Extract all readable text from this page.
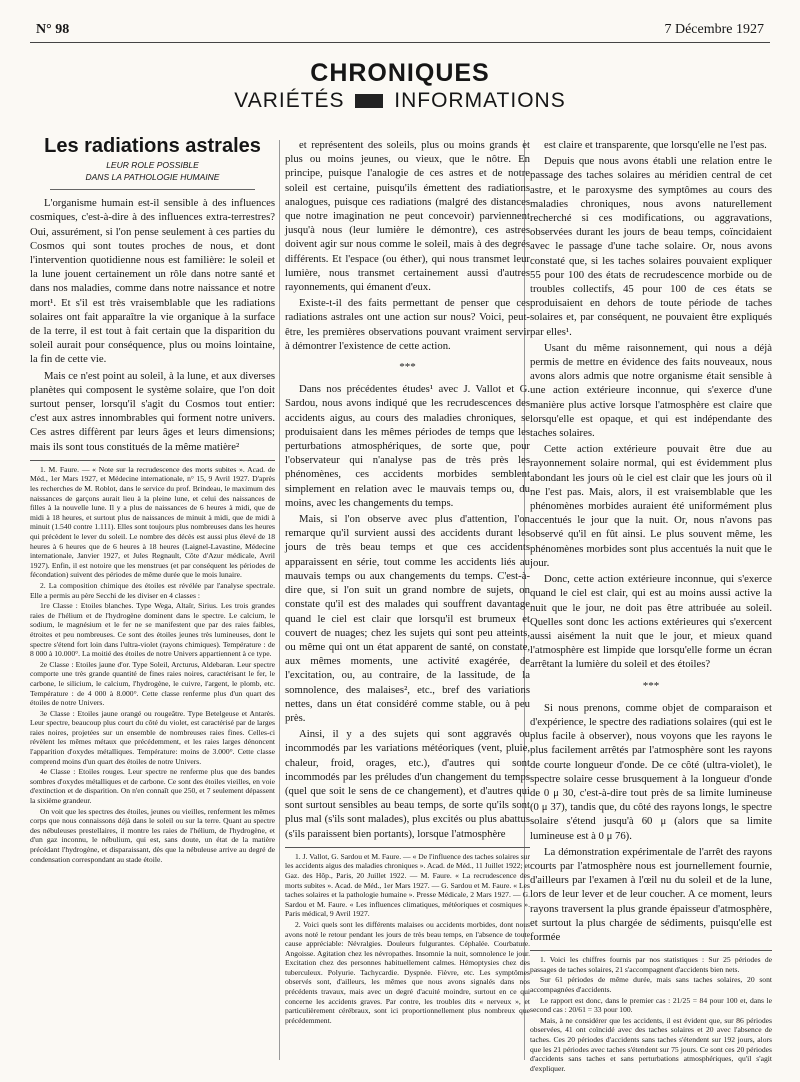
N° 98	7 Décembre 1927
CHRONIQUES
VARIÉTÉS INFORMATIONS
Les radiations astrales
LEUR ROLE POSSIBLE
DANS LA PATHOLOGIE HUMAINE

L'organisme humain est-il sensible à des influences cosmiques, c'est-à-dire à des influences extra-terrestres? Oui, assurément, si l'on pense seulement à ces parties du Cosmos qui sont toutes proches de nous, et dont l'intervention quotidienne nous est familière: le soleil et la lune jouent certainement un rôle dans notre santé et dans nos maladies, comme dans notre naissance et notre mort¹. Et s'il est très vraisemblable que les radiations solaires ont fait apparaître la vie organique à la surface de la terre, il est tout à fait certain que la disparition du soleil aurait pour conséquence, plus ou moins lointaine, la fin de cette vie.

Mais ce n'est point au soleil, à la lune, et aux diverses planètes qui composent le système solaire, que l'on doit surtout penser, lorsqu'il s'agit du Cosmos tout entier: c'est aux astres innombrables qui forment notre univers. Ces astres diffèrent par leurs âges et leurs dimensions; mais ils sont tous constitués de la même matière²

1. M. Faure. — « Note sur la recrudescence des morts subites ». Acad. de Méd., 1er Mars 1927, et Médecine internationale, n° 15, 9 Avril 1927. D'après les recherches de M. Roblot, dans le service du prof. Brindeau, le maximum des naissances de garçons aurait lieu à la pleine lune, et celui des naissances de filles à la nouvelle lune. Il y a plus de naissances de 6 heures à midi, que de midi à 18 heures, et surtout plus de naissances de minuit à midi, que de midi à minuit (1.540 contre 1.111). Elles sont toujours plus nombreuses dans les heures qui précèdent le lever du soleil. Le nombre des décès est aussi plus élevé de 18 heures à 6 heures que de 6 heures à 18 heures (Laignel-Lavastine, Médecine internationale, Janvier 1927, et Jules Regnault, Côte d'Azur médicale, Avril 1927). Enfin, il est notoire que les menstrues (et par conséquent les périodes de fécondation) suivent des périodes de même durée que le mois lunaire.

2. La composition chimique des étoiles est révélée par l'analyse spectrale. Elle a permis au père Secchi de les diviser en 4 classes :

1re Classe : Etoiles blanches. Type Wega, Altaïr, Sirius. Les trois grandes raies de l'hélium et de l'hydrogène dominent dans le spectre. Le calcium, le sodium, le magnésium et le fer ne se manifestent que par des raies faibles, étroites et peu nombreuses. Ce sont des étoiles jeunes très lumineuses, dont le spectre s'étend fort loin dans l'ultra-violet (rayons chimiques). Température : de 8 000 à 10.000°. La moitié des étoiles de notre Univers appartiennent à ce type.

2e Classe : Etoiles jaune d'or. Type Soleil, Arcturus, Aldebaran. Leur spectre comporte une très grande quantité de fines raies noires, caractérisant le fer, le carbone, le silicium, le calcium, l'hydrogène, le cuivre, l'argent, le plomb, etc. Température : de 4 000 à 8.000°. Cette classe renferme plus d'un quart des étoiles de notre Univers.

3e Classe : Etoiles jaune orangé ou rougeâtre. Type Betelgeuse et Antarès. Leur spectre, beaucoup plus court du côté du violet, est caractérisé par de larges raies noires, projetées sur un ensemble de nombreuses raies fines. Celles-ci révèlent les mêmes métaux que précédemment, et les raies larges dénoncent l'apparition d'oxydes métalliques. Température: moins de 3.000°. Cette classe comprend moins d'un quart des étoiles de notre Univers.

4e Classe : Etoiles rouges. Leur spectre ne renferme plus que des bandes sombres d'oxydes métalliques et de carbone. Ce sont des étoiles vieilles, en voie d'extinction et de disparition. On n'en connaît que 250, et 7 seulement dépassent la sixième grandeur.

On voit que les spectres des étoiles, jeunes ou vieilles, renferment les mêmes corps que nous connaissons déjà dans le soleil ou sur la terre. Quant au spectre des nébuleuses prestellaires, il montre les raies de l'hélium, de l'hydrogène, et d'un gaz inconnu, le nébulium, qui est, sans doute, un état de la matière précédant l'hydrogène, et disparaissant, dès que la nébuleuse arrive au degré de condensation correspondant au stade étoile.

et représentent des soleils, plus ou moins grands et plus ou moins jeunes, ou vieux, que le nôtre. En principe, puisque l'analogie de ces astres et de notre soleil est certaine, puisqu'ils émettent des radiations analogues, puisque ces radiations (malgré des distances que notre imagination ne peut concevoir) parviennent jusqu'à nous (leur lumière le démontre), ces astres doivent agir sur nous comme le soleil, mais à des degrés différents. Et l'espace (ou éther), qui nous transmet leur lumière, nous transmet certainement aussi d'autres rayonnements, qui émanent d'eux.

Existe-t-il des faits permettant de penser que ces radiations astrales ont une action sur nous? Voici, peut-être, les premières observations pouvant vraiment servir à démontrer l'existence de cette action.

***

Dans nos précédentes études¹ avec J. Vallot et G. Sardou, nous avons indiqué que les recrudescences des accidents aigus, au cours des maladies chroniques, se produisaient dans les mêmes périodes de temps que les perturbations atmosphériques, de sorte que, pour l'observateur qui n'analyse pas de très près les phénomènes, ces accidents morbides semblent simplement en relation avec le mauvais temps ou, du moins, avec les changements du temps.

Mais, si l'on observe avec plus d'attention, l'on remarque qu'il survient aussi des accidents durant les jours de très beau temps et que ces accidents apparaissent en série, tout comme les accidents liés au mauvais temps ou aux changements du temps. C'est-à-dire que, si l'on suit un grand nombre de sujets, on constate qu'il est des malades qui souffrent davantage quand le ciel est clair que lorsqu'il est brumeux et couvert de nuages; chez les sujets qui sont peu atteints, ou même qui ont un état apparent de santé, on constate, aux mêmes moments, une activité exagérée, de l'excitation, ou, au contraire, de la lassitude, de la somnolence, des malaises², etc., bref des variations nettes, dans un état considéré comme stable, ou à peu près.

Ainsi, il y a des sujets qui sont aggravés ou incommodés par les variations météoriques (vent, pluie, chaleur, froid, orages, etc.), d'autres qui sont incommodés par les préludes d'un changement du temps (quel que soit le sens de ce changement), et d'autres qui sont surtout sensibles au beau temps, de sorte qu'ils sont plus mal (s'ils sont malades), plus excités ou plus abattus (s'ils paraissent bien portants), lorsque l'atmosphère

1. J. Vallot, G. Sardou et M. Faure. — « De l'influence des taches solaires sur les accidents aigus des maladies chroniques ». Acad. de Méd., 11 Juillet 1922; et Gaz. des Hôp., Paris, 20 Juillet 1922. — M. Faure. « La recrudescence des morts subites ». Acad. de Méd., 1er Mars 1927. — G. Sardou et M. Faure. « Les taches solaires et la pathologie humaine ». Presse Médicale, 2 Mars 1927. — G. Sardou et M. Faure. « Les influences climatiques, météoriques et cosmiques ». Paris médical, 9 Avril 1927.

2. Voici quels sont les différents malaises ou accidents morbides, dont nous avons noté le retour pendant les jours de très beau temps, en l'absence de toute cause appréciable: Névralgies. Douleurs fulgurantes. Céphalée. Courbature. Angoisse. Agitation chez les névropathes. Insomnie la nuit, somnolence le jour. Excitation chez des personnes habituellement calmes. Hémoptysies chez des tuberculeux. Polyurie. Tachycardie. Dyspnée. Fièvre, etc. Les symptômes observés sont, d'ailleurs, les mêmes que nous avons signalés dans nos précédents travaux, mais avec un degré d'acuité moindre, surtout en ce qui concerne les accidents graves. Par contre, les troubles dits « nerveux », et particulièrement cérébraux, sont ici proportionnellement plus nombreux que précédemment.

est claire et transparente, que lorsqu'elle ne l'est pas.

Depuis que nous avons établi une relation entre le passage des taches solaires au méridien central de cet astre, et le paroxysme des symptômes au cours des maladies chroniques, nous avons naturellement recherché si ces modifications, ou aggravations, observées durant les jours de beau temps, coïncidaient avec le passage d'une tache solaire. Or, nous avons constaté que, si les taches solaires pouvaient expliquer 55 pour 100 des états de recrudescence morbide ou de troubles collectifs, 45 pour 100 de ces états se produisaient en dehors de toute période de taches solaires et, par conséquent, ne pouvaient être expliqués par elles¹.

Usant du même raisonnement, qui nous a déjà permis de mettre en évidence des faits nouveaux, nous avons alors admis que notre organisme était sensible à une action extérieure inconnue, qui s'exerce d'une manière plus active lorsque l'atmosphère est claire que lorsqu'elle est opaque, et qui est indépendante des taches solaires.

Cette action extérieure pouvait être due au rayonnement solaire normal, qui est évidemment plus abondant les jours où le ciel est clair que les jours où il ne l'est pas. Mais, alors, il est vraisemblable que les phénomènes morbides auraient été uniformément plus accentués le jour que la nuit. Or, nous n'avons pas observé qu'il en fût ainsi. Le plus souvent même, les phénomènes morbides sont plus accentués la nuit que le jour.

Donc, cette action extérieure inconnue, qui s'exerce quand le ciel est clair, qui est au moins aussi active la nuit que le jour, ne doit pas être attribuée au soleil. Quelles sont donc les actions extérieures qui s'exercent aussi aisément la nuit que le jour, et mieux quand l'atmosphère est limpide que lorsqu'elle forme un écran arrêtant la lumière du soleil et des étoiles?

***

Si nous prenons, comme objet de comparaison et d'expérience, le spectre des radiations solaires (qui est le plus facile à observer), nous voyons que les rayons le plus facilement arrêtés par l'atmosphère sont les rayons de courte longueur d'onde. De ce côté (ultra-violet), le spectre solaire cesse brusquement à la longueur d'onde de 0 μ 30, c'est-à-dire tout près de sa limite lumineuse (0 μ 37), tandis que, du côté des rayons longs, le spectre solaire s'étend jusqu'à 60 μ (alors que sa limite lumineuse est à 0 μ 76).

La démonstration expérimentale de l'arrêt des rayons courts par l'atmosphère nous est journellement fournie, d'ailleurs par l'examen à l'œil nu du soleil et de la lune, lors de leur lever et de leur coucher. A ce moment, leurs rayons traversent la plus grande épaisseur d'atmosphère, et surtout la plus chargée de sédiments, puisqu'elle est formée

1. Voici les chiffres fournis par nos statistiques : Sur 25 périodes de passages de taches solaires, 21 s'accompagnent d'accidents bien nets.

Sur 61 périodes de même durée, mais sans taches solaires, 20 sont accompagnées d'accidents.

Le rapport est donc, dans le premier cas : 21/25 = 84 pour 100 et, dans le second cas : 20/61 = 33 pour 100.

Mais, à ne considérer que les accidents, il est évident que, sur 86 périodes observées, 41 ont coïncidé avec des taches solaires et 20 avec l'absence de taches. Ces 20 périodes d'accidents sans taches s'étendent sur 192 jours, alors que les 21 périodes avec taches s'étendent sur 75 jours. Ce sont ces 20 périodes d'accidents sans taches et sans perturbations atmosphériques, qu'il s'agit d'expliquer.
